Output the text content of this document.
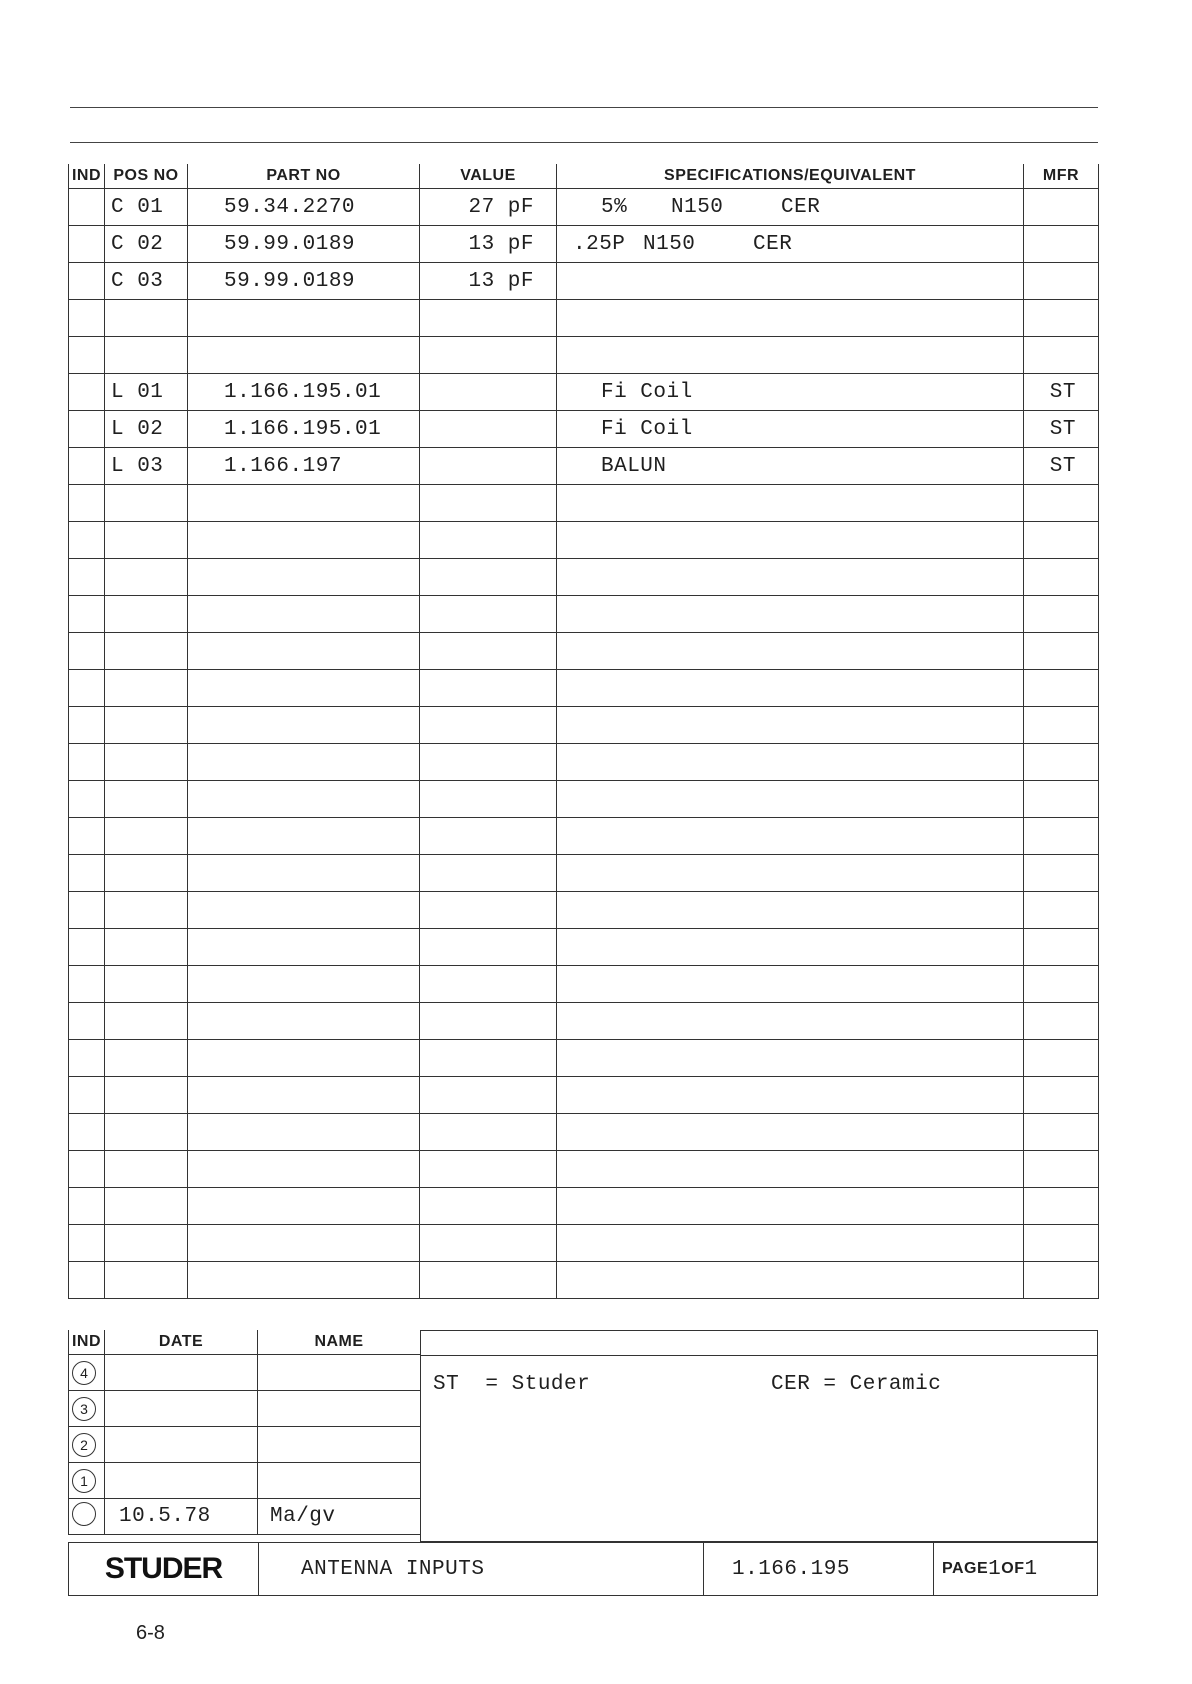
IND	POS NO	PART NO	VALUE	SPECIFICATIONS/EQUIVALENT	MFR
	C 01	59.34.2270	27 pF	5% N150 CER	
	C 02	59.99.0189	13 pF	.25P N150 CER	
	C 03	59.99.0189	13 pF		

	L 01	1.166.195.01		Fi Coil	ST
	L 02	1.166.195.01		Fi Coil	ST
	L 03	1.166.197		BALUN	ST

IND	DATE	NAME
4		
3		
2		
1		
	10.5.78	Ma/gv
ST  = Studer	CER = Ceramic
STUDER	ANTENNA INPUTS	1.166.195	PAGE 1 OF 1
6-8
